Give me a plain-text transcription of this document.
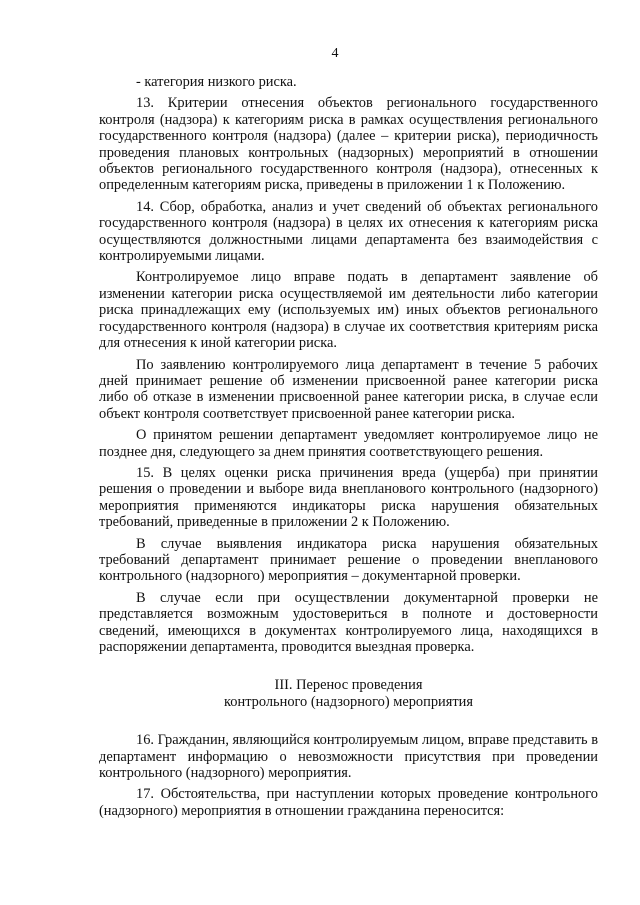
4

- категория низкого риска.

13. Критерии отнесения объектов регионального государственного контроля (надзора) к категориям риска в рамках осуществления регионального государственного контроля (надзора) (далее – критерии риска), периодичность проведения плановых контрольных (надзорных) мероприятий в отношении объектов регионального государственного контроля (надзора), отнесенных к определенным категориям риска, приведены в приложении 1 к Положению.

14. Сбор, обработка, анализ и учет сведений об объектах регионального государственного контроля (надзора) в целях их отнесения к категориям риска осуществляются должностными лицами департамента без взаимодействия с контролируемыми лицами.

Контролируемое лицо вправе подать в департамент заявление об изменении категории риска осуществляемой им деятельности либо категории риска принадлежащих ему (используемых им) иных объектов регионального государственного контроля (надзора) в случае их соответствия критериям риска для отнесения к иной категории риска.

По заявлению контролируемого лица департамент в течение 5 рабочих дней принимает решение об изменении присвоенной ранее категории риска либо об отказе в изменении присвоенной ранее категории риска, в случае если объект контроля соответствует присвоенной ранее категории риска.

О принятом решении департамент уведомляет контролируемое лицо не позднее дня, следующего за днем принятия соответствующего решения.

15. В целях оценки риска причинения вреда (ущерба) при принятии решения о проведении и выборе вида внепланового контрольного (надзорного) мероприятия применяются индикаторы риска нарушения обязательных требований, приведенные в приложении 2 к Положению.

В случае выявления индикатора риска нарушения обязательных требований департамент принимает решение о проведении внепланового контрольного (надзорного) мероприятия – документарной проверки.

В случае если при осуществлении документарной проверки не представляется возможным удостовериться в полноте и достоверности сведений, имеющихся в документах контролируемого лица, находящихся в распоряжении департамента, проводится выездная проверка.

III. Перенос проведения
контрольного (надзорного) мероприятия

16. Гражданин, являющийся контролируемым лицом, вправе представить в департамент информацию о невозможности присутствия при проведении контрольного (надзорного) мероприятия.

17. Обстоятельства, при наступлении которых проведение контрольного (надзорного) мероприятия в отношении гражданина переносится:
